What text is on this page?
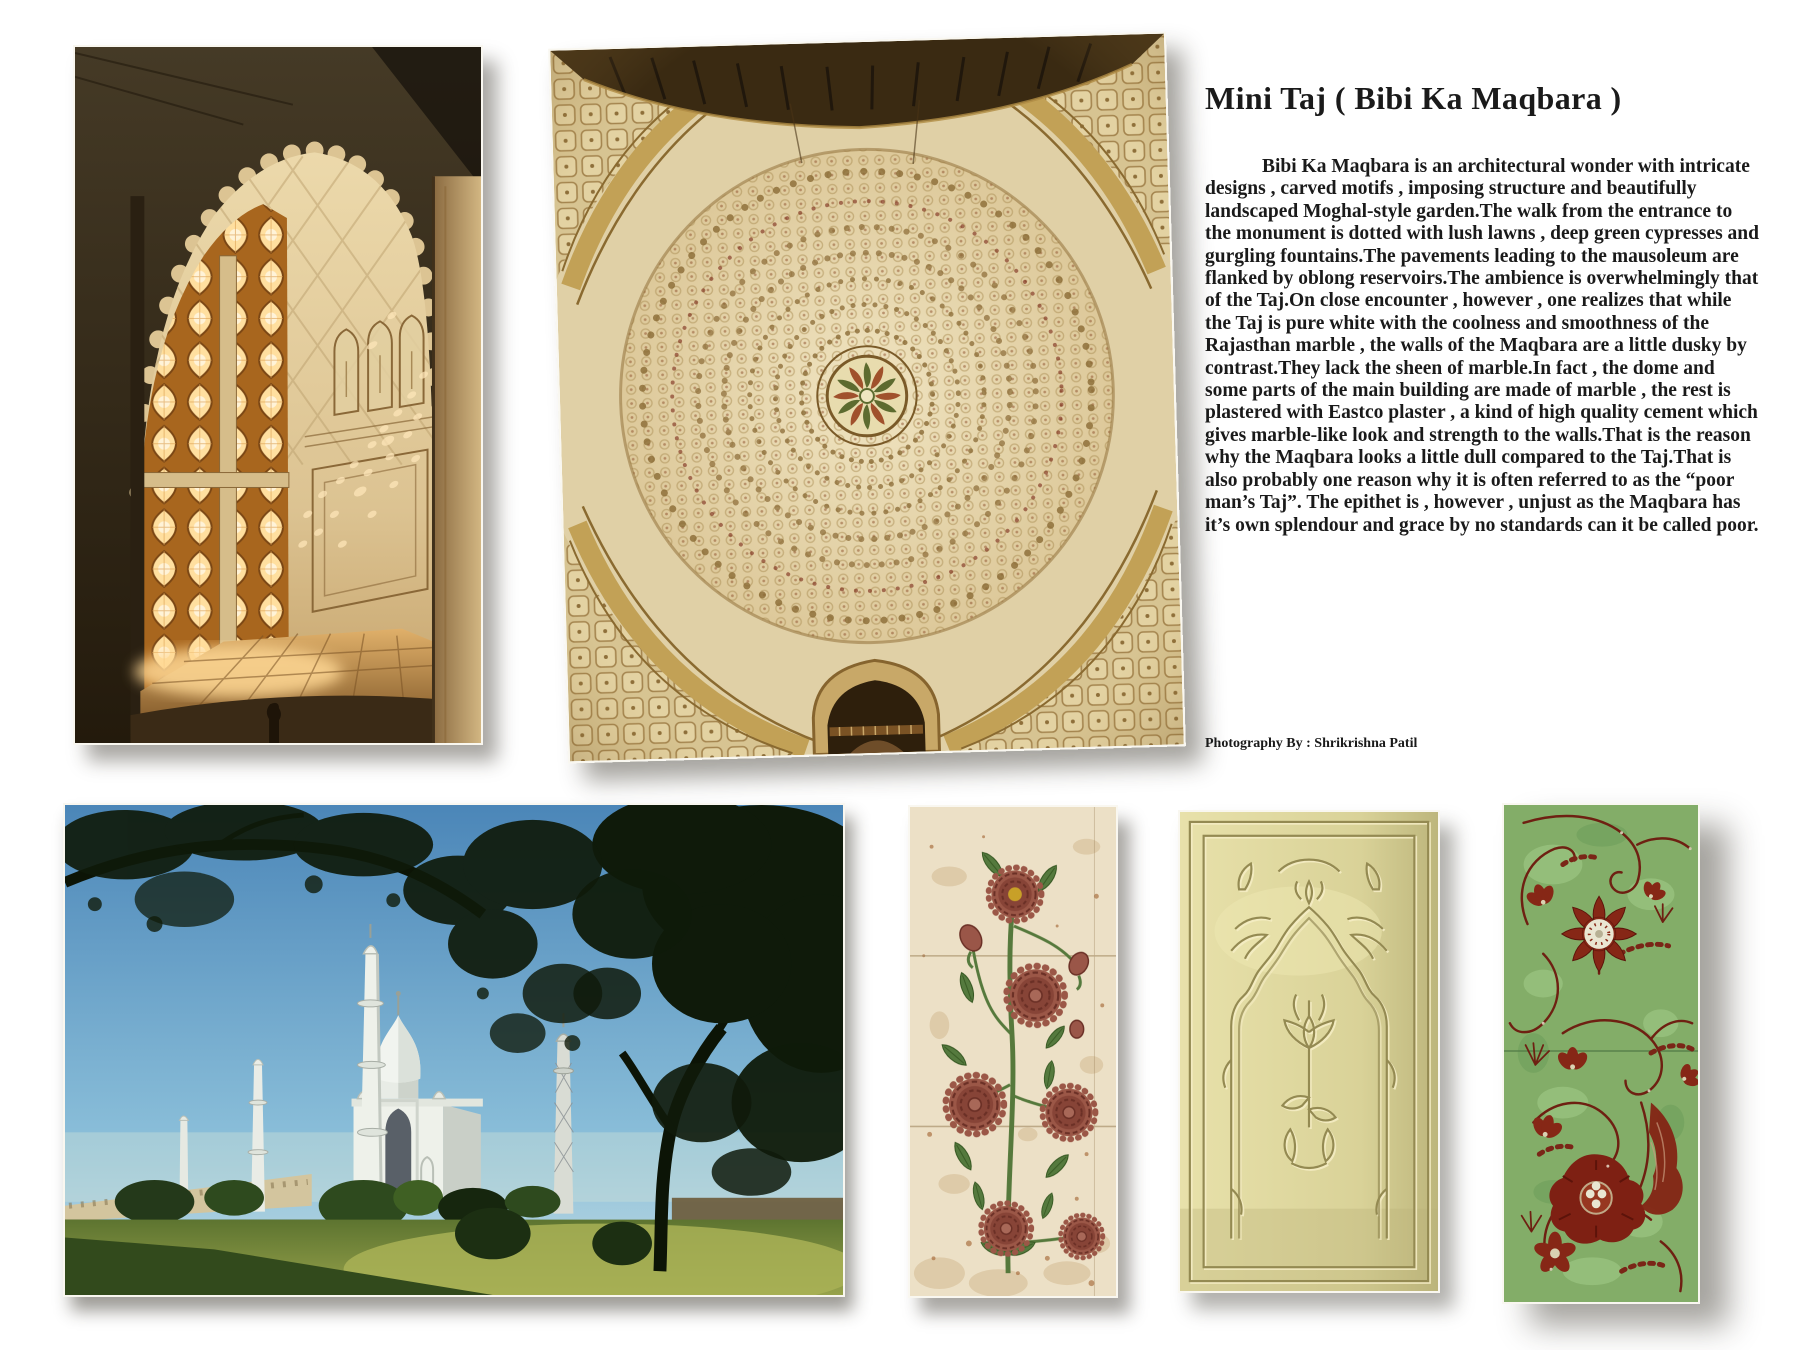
Mini Taj ( Bibi Ka Maqbara )

Bibi Ka Maqbara is an architectural wonder with intricate designs , carved motifs , imposing structure and beautifully landscaped Moghal-style garden.The walk from the entrance to the monument is dotted with lush lawns , deep green cypresses and gurgling fountains.The pavements leading to the mausoleum are flanked by oblong reservoirs.The ambience is overwhelmingly that of the Taj.On close encounter , however , one realizes that while the Taj is pure white with the coolness and smoothness of the Rajasthan marble , the walls of the Maqbara are a little dusky by contrast.They lack the sheen of marble.In fact , the dome and some parts of the main building are made of marble , the rest is plastered with Eastco plaster , a kind of high quality cement which gives marble-like look and strength to the walls.That is the reason why the Maqbara looks a little dull compared to the Taj.That is also probably one reason why it is often referred to as the “poor man’s Taj”. The epithet is , however , unjust as the Maqbara has it’s own splendour and grace by no standards can it be called poor.

Photography By : Shrikrishna Patil
